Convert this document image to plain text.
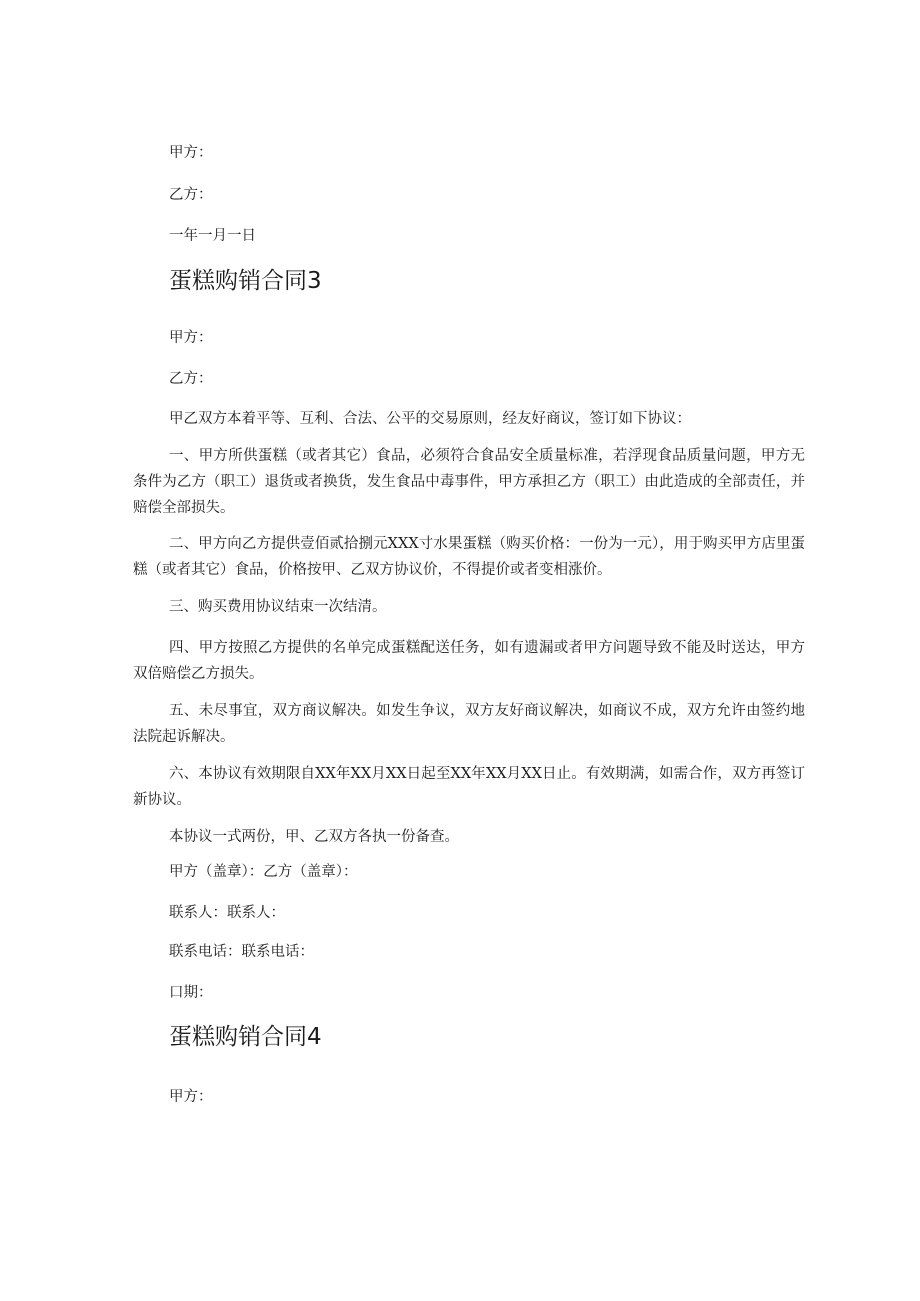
甲方：
乙方：
一年一月一日
蛋糕购销合同3
甲方：
乙方：
甲乙双方本着平等、互利、合法、公平的交易原则，经友好商议，签订如下协议：
一、甲方所供蛋糕（或者其它）食品，必须符合食品安全质量标准，若浮现食品质量问题，甲方无条件为乙方（职工）退货或者换货，发生食品中毒事件，甲方承担乙方（职工）由此造成的全部责任，并赔偿全部损失。
二、甲方向乙方提供壹佰贰拾捌元XXX寸水果蛋糕（购买价格：一份为一元），用于购买甲方店里蛋糕（或者其它）食品，价格按甲、乙双方协议价，不得提价或者变相涨价。
三、购买费用协议结束一次结清。
四、甲方按照乙方提供的名单完成蛋糕配送任务，如有遗漏或者甲方问题导致不能及时送达，甲方双倍赔偿乙方损失。
五、未尽事宜，双方商议解决。如发生争议，双方友好商议解决，如商议不成，双方允许由签约地法院起诉解决。
六、本协议有效期限自XX年XX月XX日起至XX年XX月XX日止。有效期满，如需合作，双方再签订新协议。
本协议一式两份，甲、乙双方各执一份备查。
甲方（盖章）：乙方（盖章）：
联系人：联系人：
联系电话：联系电话：
口期：
蛋糕购销合同4
甲方：
